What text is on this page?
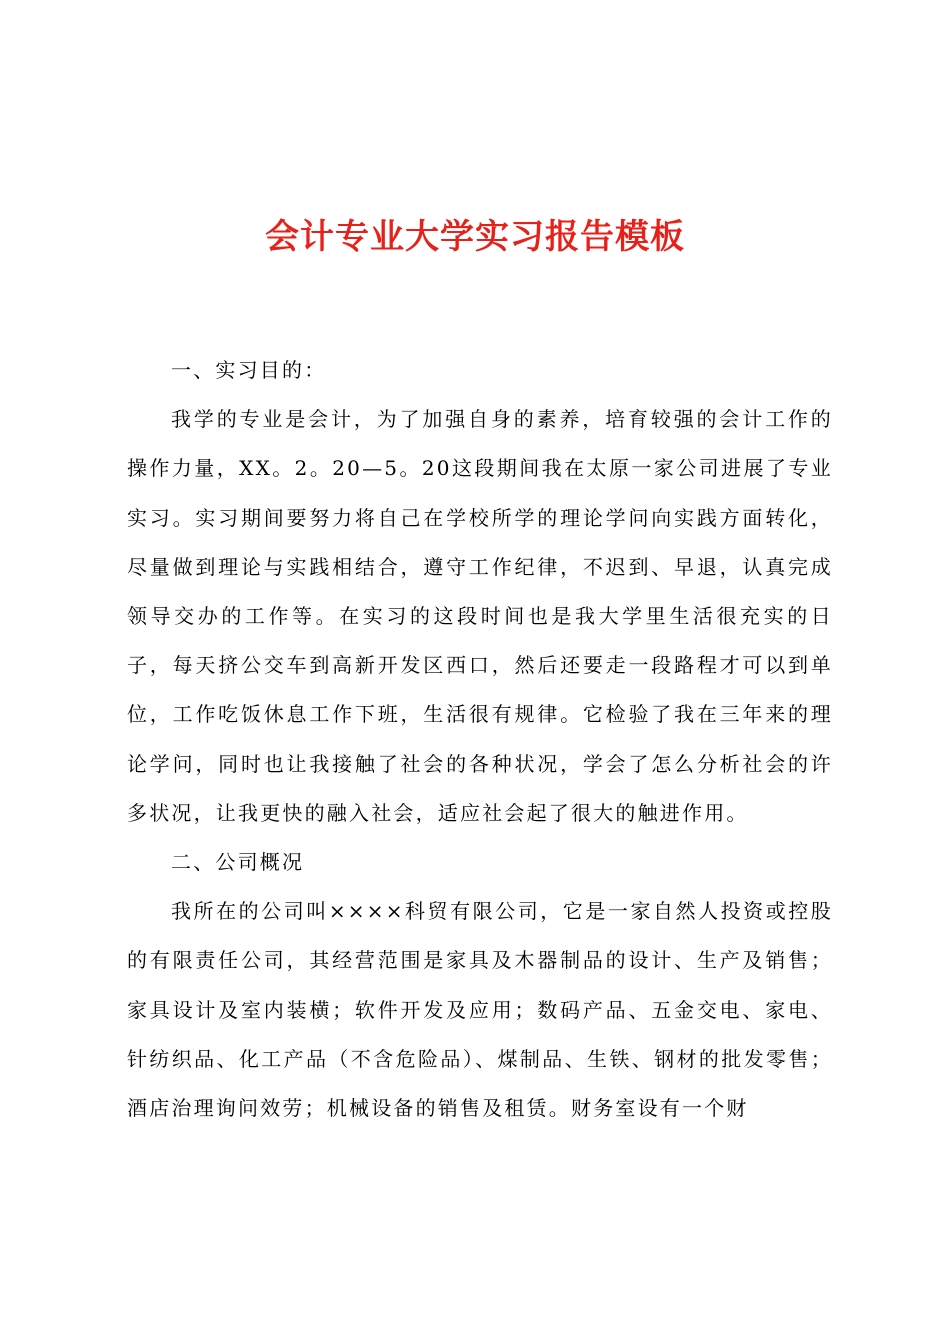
会计专业大学实习报告模板

一、实习目的：

我学的专业是会计，为了加强自身的素养，培育较强的会计工作的操作力量，XX。2。20—5。20这段期间我在太原一家公司进展了专业实习。实习期间要努力将自己在学校所学的理论学问向实践方面转化，尽量做到理论与实践相结合，遵守工作纪律，不迟到、早退，认真完成领导交办的工作等。在实习的这段时间也是我大学里生活很充实的日子，每天挤公交车到高新开发区西口，然后还要走一段路程才可以到单位，工作吃饭休息工作下班，生活很有规律。它检验了我在三年来的理论学问，同时也让我接触了社会的各种状况，学会了怎么分析社会的许多状况，让我更快的融入社会，适应社会起了很大的触进作用。

二、公司概况

我所在的公司叫××××科贸有限公司，它是一家自然人投资或控股的有限责任公司，其经营范围是家具及木器制品的设计、生产及销售；家具设计及室内装横；软件开发及应用；数码产品、五金交电、家电、针纺织品、化工产品（不含危险品）、煤制品、生铁、钢材的批发零售；酒店治理询问效劳；机械设备的销售及租赁。财务室设有一个财
